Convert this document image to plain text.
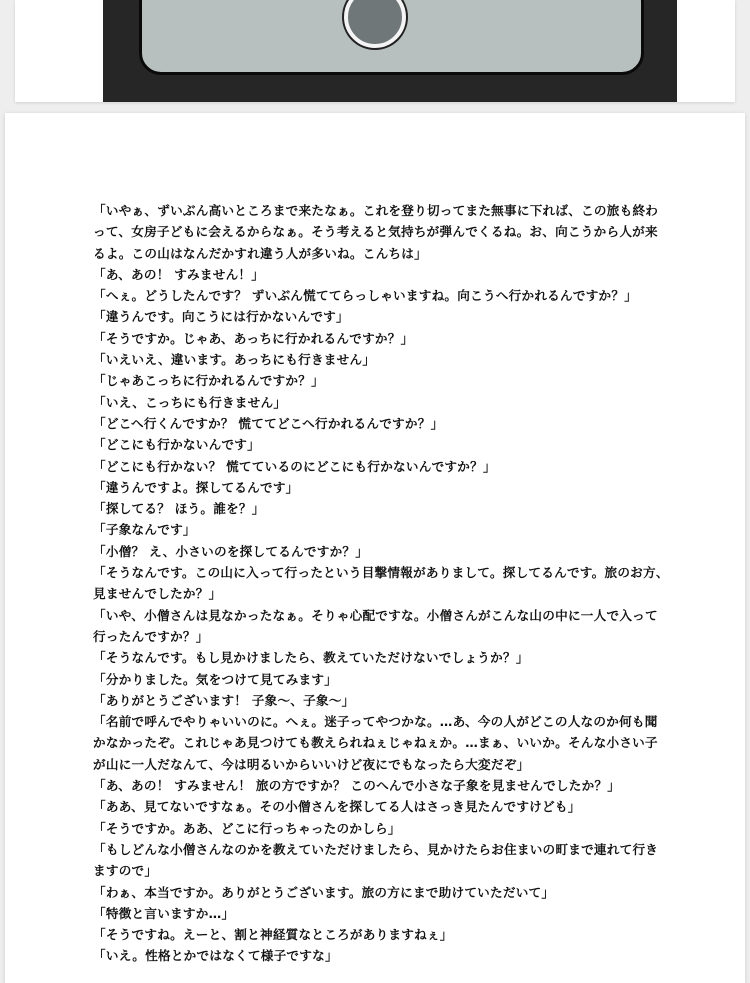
「いやぁ、ずいぶん高いところまで来たなぁ。これを登り切ってまた無事に下れば、この旅も終わ
って、女房子どもに会えるからなぁ。そう考えると気持ちが弾んでくるね。お、向こうから人が来
るよ。この山はなんだかすれ違う人が多いね。こんちは」
「あ、あの！ すみません！」
「へぇ。どうしたんです？ ずいぶん慌ててらっしゃいますね。向こうへ行かれるんですか？」
「違うんです。向こうには行かないんです」
「そうですか。じゃあ、あっちに行かれるんですか？」
「いえいえ、違います。あっちにも行きません」
「じゃあこっちに行かれるんですか？」
「いえ、こっちにも行きません」
「どこへ行くんですか？ 慌ててどこへ行かれるんですか？」
「どこにも行かないんです」
「どこにも行かない？ 慌てているのにどこにも行かないんですか？」
「違うんですよ。探してるんです」
「探してる？ ほう。誰を？」
「子象なんです」
「小僧？ え、小さいのを探してるんですか？」
「そうなんです。この山に入って行ったという目撃情報がありまして。探してるんです。旅のお方、
見ませんでしたか？」
「いや、小僧さんは見なかったなぁ。そりゃ心配ですな。小僧さんがこんな山の中に一人で入って
行ったんですか？」
「そうなんです。もし見かけましたら、教えていただけないでしょうか？」
「分かりました。気をつけて見てみます」
「ありがとうございます！ 子象〜、子象〜」
「名前で呼んでやりゃいいのに。へぇ。迷子ってやつかな。…あ、今の人がどこの人なのか何も聞
かなかったぞ。これじゃあ見つけても教えられねぇじゃねぇか。…まぁ、いいか。そんな小さい子
が山に一人だなんて、今は明るいからいいけど夜にでもなったら大変だぞ」
「あ、あの！ すみません！ 旅の方ですか？ このへんで小さな子象を見ませんでしたか？」
「ああ、見てないですなぁ。その小僧さんを探してる人はさっき見たんですけども」
「そうですか。ああ、どこに行っちゃったのかしら」
「もしどんな小僧さんなのかを教えていただけましたら、見かけたらお住まいの町まで連れて行き
ますので」
「わぁ、本当ですか。ありがとうございます。旅の方にまで助けていただいて」
「特徴と言いますか…」
「そうですね。えーと、割と神経質なところがありますねぇ」
「いえ。性格とかではなくて様子ですな」
